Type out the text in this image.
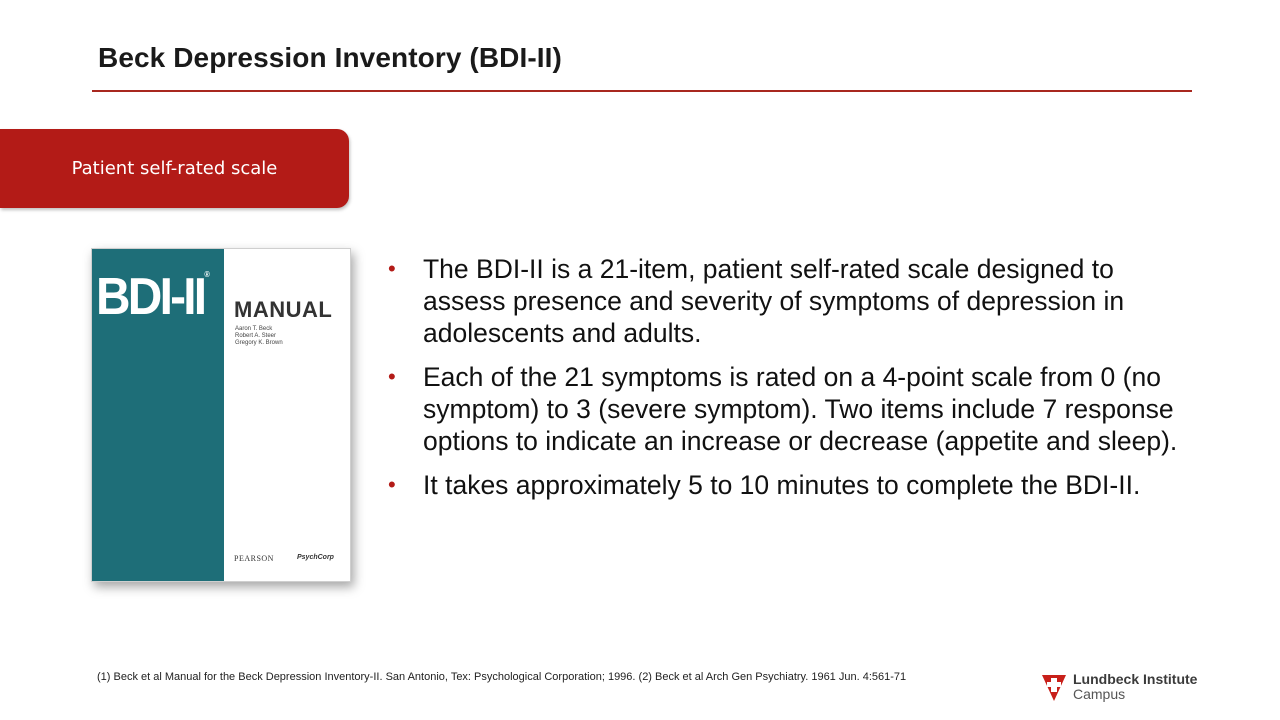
Beck Depression Inventory (BDI-II)
Patient self-rated scale
BDI-II®
MANUAL
Aaron T. Beck
Robert A. Steer
Gregory K. Brown
PEARSON	PsychCorp
• The BDI-II is a 21-item, patient self-rated scale designed to assess presence and severity of symptoms of depression in adolescents and adults.
• Each of the 21 symptoms is rated on a 4-point scale from 0 (no symptom) to 3 (severe symptom). Two items include 7 response options to indicate an increase or decrease (appetite and sleep).
• It takes approximately 5 to 10 minutes to complete the BDI-II.
(1) Beck et al Manual for the Beck Depression Inventory-II. San Antonio, Tex: Psychological Corporation; 1996. (2) Beck et al Arch Gen Psychiatry. 1961 Jun. 4:561-71	Lundbeck Institute
Campus
